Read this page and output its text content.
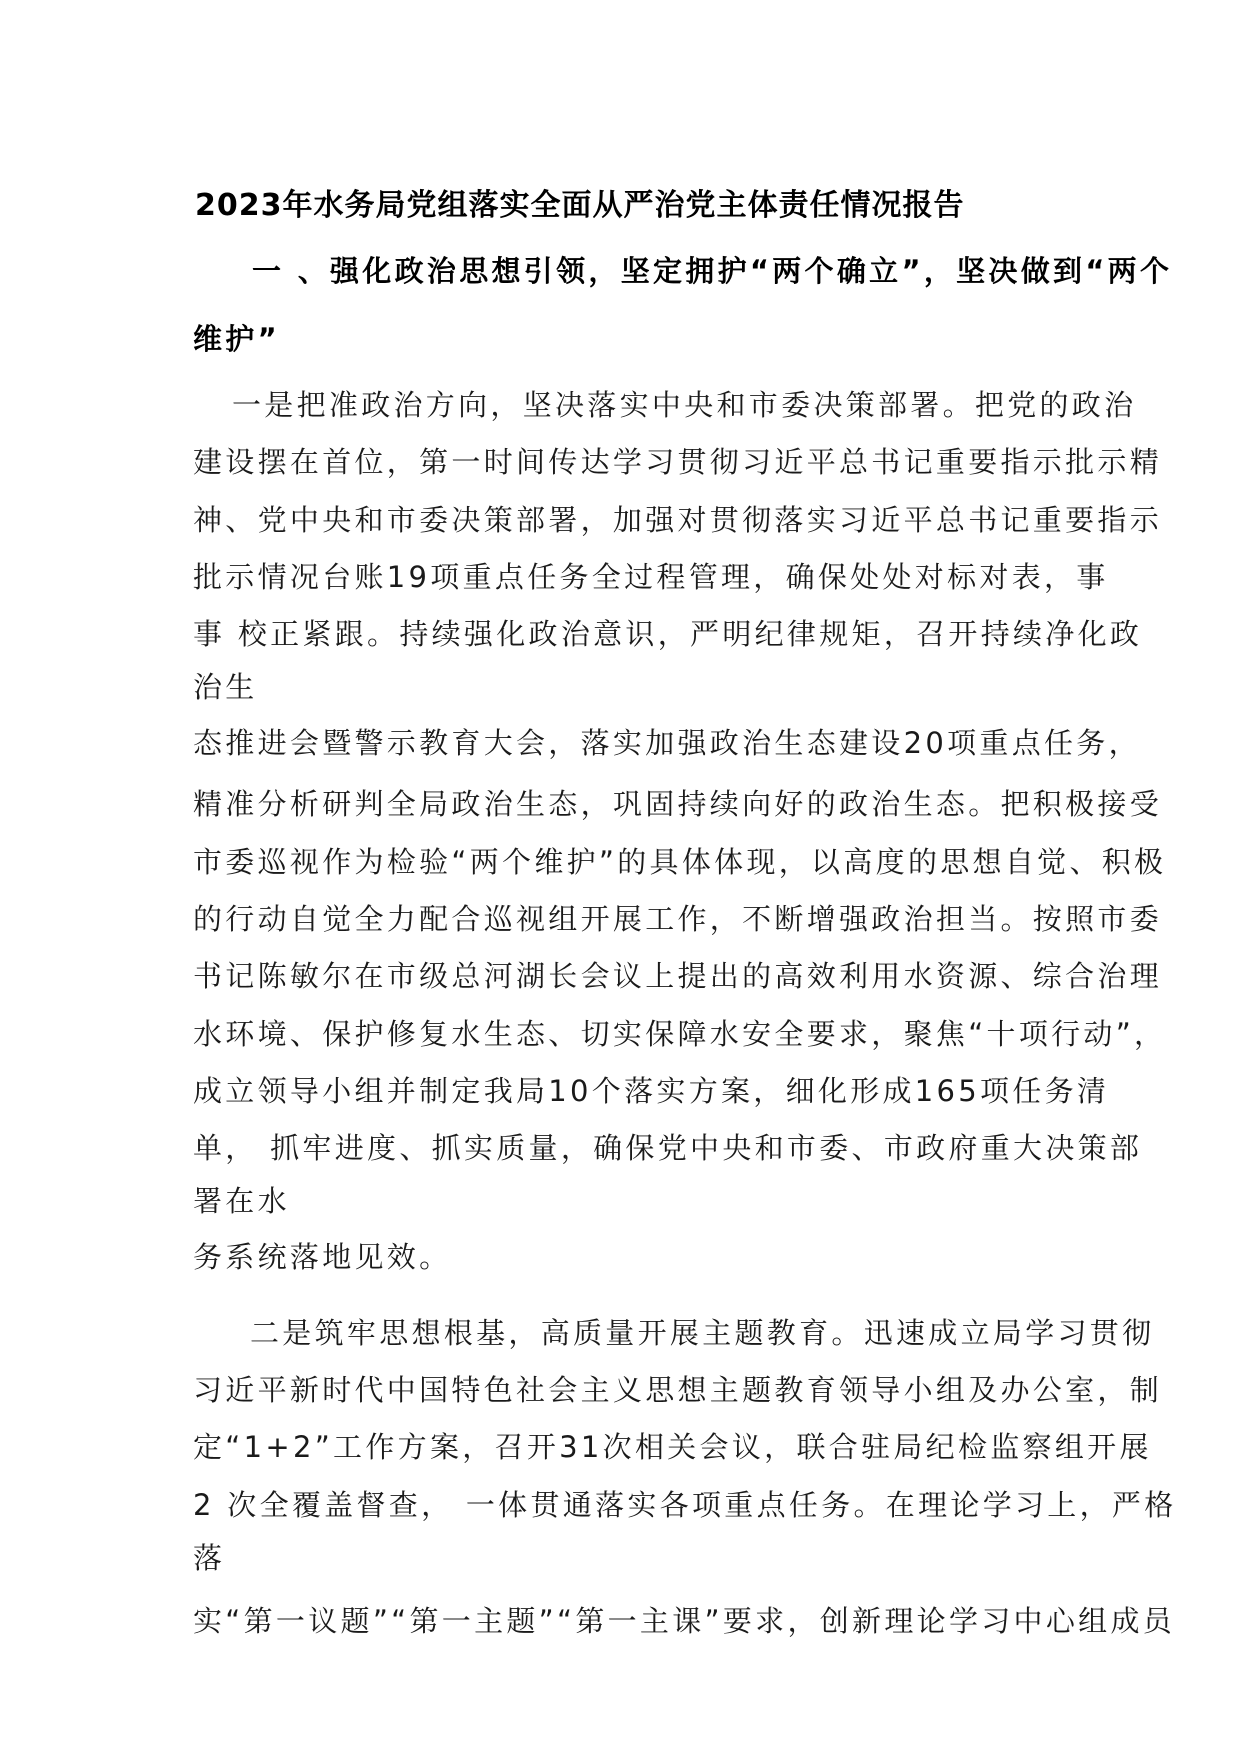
2023年水务局党组落实全面从严治党主体责任情况报告
一 、强化政治思想引领，坚定拥护“两个确立”，坚决做到“两个
维护”
一是把准政治方向，坚决落实中央和市委决策部署。把党的政治
建设摆在首位，第一时间传达学习贯彻习近平总书记重要指示批示精
神、党中央和市委决策部署，加强对贯彻落实习近平总书记重要指示
批示情况台账19项重点任务全过程管理，确保处处对标对表，事
事 校正紧跟。持续强化政治意识，严明纪律规矩，召开持续净化政
治生
态推进会暨警示教育大会，落实加强政治生态建设20项重点任务，
精准分析研判全局政治生态，巩固持续向好的政治生态。把积极接受
市委巡视作为检验“两个维护”的具体体现，以高度的思想自觉、积极
的行动自觉全力配合巡视组开展工作，不断增强政治担当。按照市委
书记陈敏尔在市级总河湖长会议上提出的高效利用水资源、综合治理
水环境、保护修复水生态、切实保障水安全要求，聚焦“十项行动”，
成立领导小组并制定我局10个落实方案，细化形成165项任务清
单， 抓牢进度、抓实质量，确保党中央和市委、市政府重大决策部
署在水
务系统落地见效。
二是筑牢思想根基，高质量开展主题教育。迅速成立局学习贯彻
习近平新时代中国特色社会主义思想主题教育领导小组及办公室，制
定“1+2”工作方案，召开31次相关会议，联合驻局纪检监察组开展
2 次全覆盖督查， 一体贯通落实各项重点任务。在理论学习上，严格
落
实“第一议题”“第一主题”“第一主课”要求，创新理论学习中心组成员
